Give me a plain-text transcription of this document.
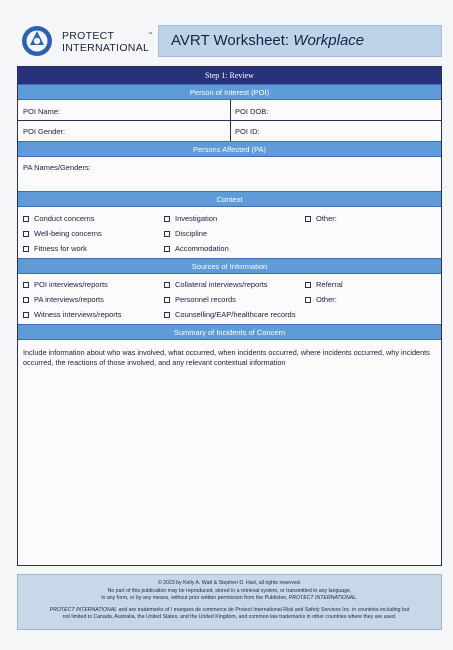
PROTECT
INTERNATIONAL
™	AVRT Worksheet: Workplace
Step 1: Review
Person of Interest (POI)
POI Name:	POI DOB:
POI Gender:	POI ID:
Persons Affected (PA)
PA Names/Genders:
Context
Conduct concerns	Investigation	Other:
Well-being concerns	Discipline
Fitness for work	Accommodation
Sources of Information
POI interviews/reports	Collateral interviews/reports	Referral
PA interviews/reports	Personnel records	Other:
Witness interviews/reports	Counselling/EAP/healthcare records
Summary of Incidents of Concern
Include information about who was involved, what occurred, when incidents occurred, where incidents occurred, why incidents occurred, the reactions of those involved, and any relevant contextual information

© 2023 by Kelly A. Watt & Stephen D. Hart, all rights reserved.

No part of this publication may be reproduced, stored in a retrieval system, or transmitted in any language,

in any form, or by any means, without prior written permission from the Publisher, PROTECT INTERNATIONAL.

PROTECT INTERNATIONAL and are trademarks of / marques de commerce de Protect International Risk and Safety Services Inc. in countries including but

not limited to Canada, Australia, the United States, and the United Kingdom, and common law trademarks in other countries where they are used.
